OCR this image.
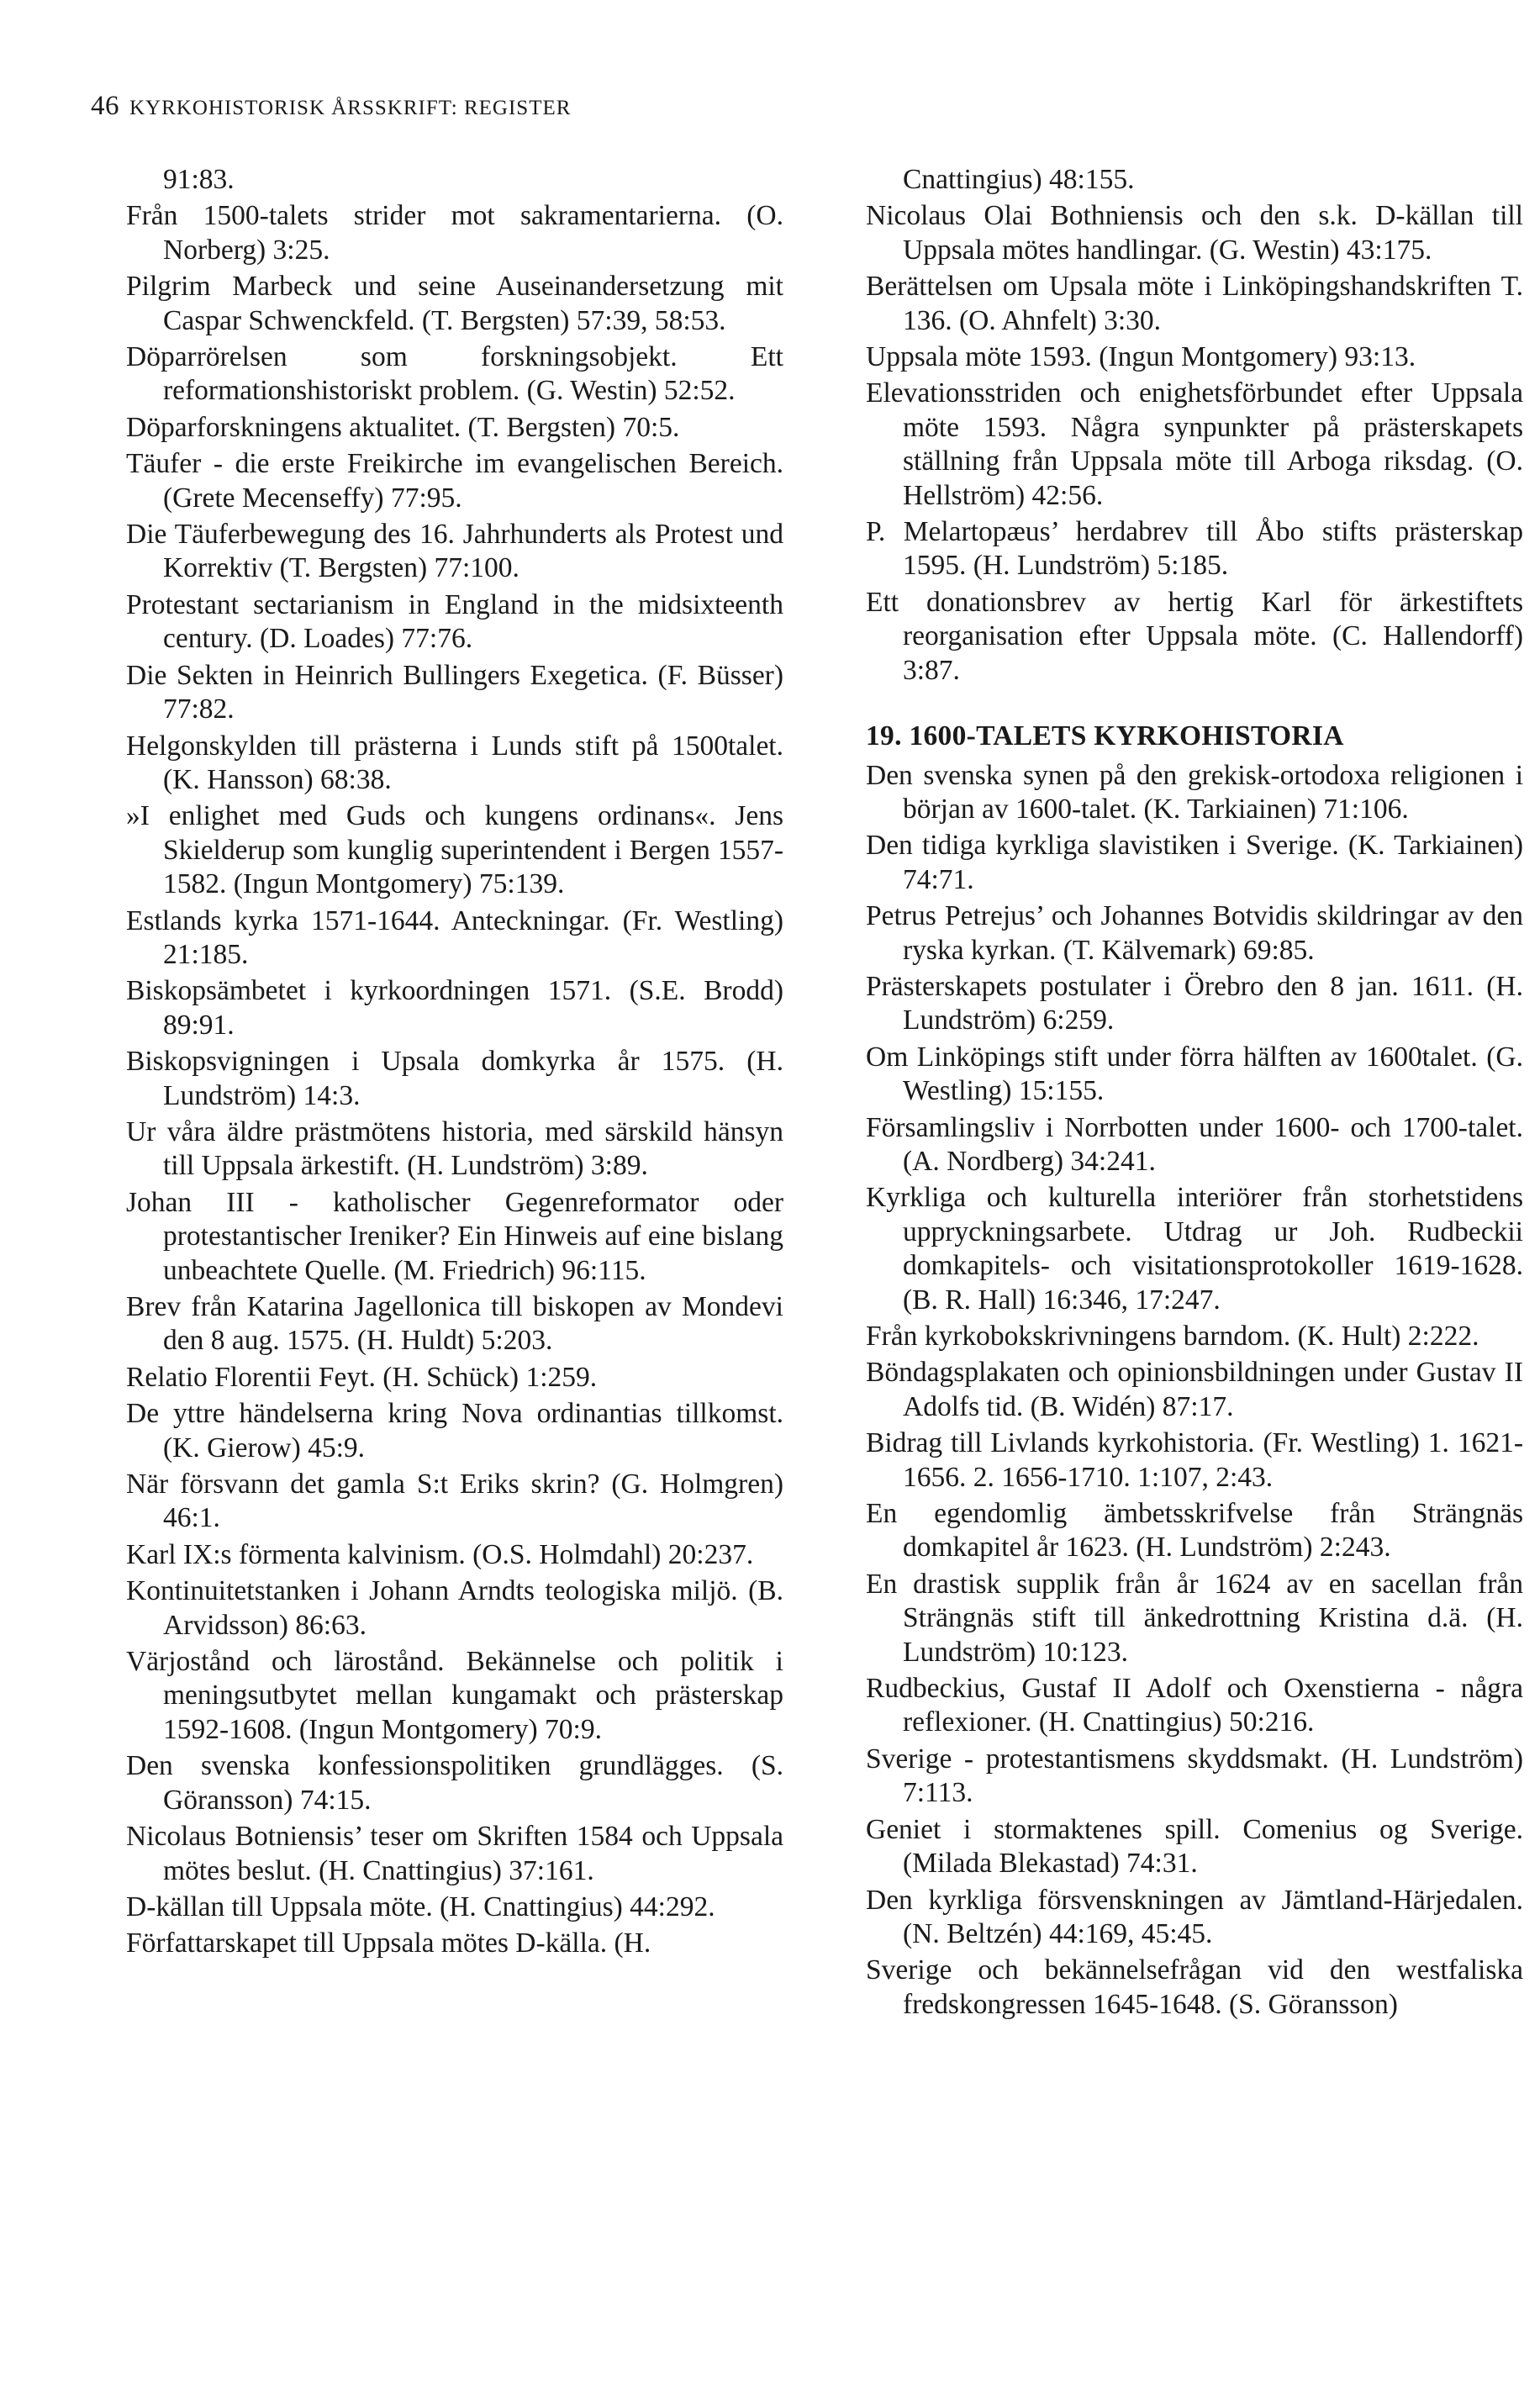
46 KYRKOHISTORISK ÅRSSKRIFT: REGISTER
91:83.
Från 1500-talets strider mot sakramentarierna. (O. Norberg) 3:25.
Pilgrim Marbeck und seine Auseinandersetzung mit Caspar Schwenckfeld. (T. Bergsten) 57:39, 58:53.
Döparrörelsen som forskningsobjekt. Ett reformationshistoriskt problem. (G. Westin) 52:52.
Döparforskningens aktualitet. (T. Bergsten) 70:5.
Täufer - die erste Freikirche im evangelischen Bereich. (Grete Mecenseffy) 77:95.
Die Täuferbewegung des 16. Jahrhunderts als Protest und Korrektiv (T. Bergsten) 77:100.
Protestant sectarianism in England in the midsixteenth century. (D. Loades) 77:76.
Die Sekten in Heinrich Bullingers Exegetica. (F. Büsser) 77:82.
Helgonskylden till prästerna i Lunds stift på 1500talet. (K. Hansson) 68:38.
»I enlighet med Guds och kungens ordinans«. Jens Skielderup som kunglig superintendent i Bergen 1557-1582. (Ingun Montgomery) 75:139.
Estlands kyrka 1571-1644. Anteckningar. (Fr. Westling) 21:185.
Biskopsämbetet i kyrkoordningen 1571. (S.E. Brodd) 89:91.
Biskopsvigningen i Upsala domkyrka år 1575. (H. Lundström) 14:3.
Ur våra äldre prästmötens historia, med särskild hänsyn till Uppsala ärkestift. (H. Lundström) 3:89.
Johan III - katholischer Gegenreformator oder protestantischer Ireniker? Ein Hinweis auf eine bislang unbeachtete Quelle. (M. Friedrich) 96:115.
Brev från Katarina Jagellonica till biskopen av Mondevi den 8 aug. 1575. (H. Huldt) 5:203.
Relatio Florentii Feyt. (H. Schück) 1:259.
De yttre händelserna kring Nova ordinantias tillkomst. (K. Gierow) 45:9.
När försvann det gamla S:t Eriks skrin? (G. Holmgren) 46:1.
Karl IX:s förmenta kalvinism. (O.S. Holmdahl) 20:237.
Kontinuitetstanken i Johann Arndts teologiska miljö. (B. Arvidsson) 86:63.
Värjostånd och lärostånd. Bekännelse och politik i meningsutbytet mellan kungamakt och prästerskap 1592-1608. (Ingun Montgomery) 70:9.
Den svenska konfessionspolitiken grundlägges. (S. Göransson) 74:15.
Nicolaus Botniensis’ teser om Skriften 1584 och Uppsala mötes beslut. (H. Cnattingius) 37:161.
D-källan till Uppsala möte. (H. Cnattingius) 44:292.
Författarskapet till Uppsala mötes D-källa. (H.
Cnattingius) 48:155.
Nicolaus Olai Bothniensis och den s.k. D-källan till Uppsala mötes handlingar. (G. Westin) 43:175.
Berättelsen om Upsala möte i Linköpingshandskriften T. 136. (O. Ahnfelt) 3:30.
Uppsala möte 1593. (Ingun Montgomery) 93:13.
Elevationsstriden och enighetsförbundet efter Uppsala möte 1593. Några synpunkter på prästerskapets ställning från Uppsala möte till Arboga riksdag. (O. Hellström) 42:56.
P. Melartopæus’ herdabrev till Åbo stifts prästerskap 1595. (H. Lundström) 5:185.
Ett donationsbrev av hertig Karl för ärkestiftets reorganisation efter Uppsala möte. (C. Hallendorff) 3:87.
19. 1600-TALETS KYRKOHISTORIA
Den svenska synen på den grekisk-ortodoxa religionen i början av 1600-talet. (K. Tarkiainen) 71:106.
Den tidiga kyrkliga slavistiken i Sverige. (K. Tarkiainen) 74:71.
Petrus Petrejus’ och Johannes Botvidis skildringar av den ryska kyrkan. (T. Kälvemark) 69:85.
Prästerskapets postulater i Örebro den 8 jan. 1611. (H. Lundström) 6:259.
Om Linköpings stift under förra hälften av 1600talet. (G. Westling) 15:155.
Församlingsliv i Norrbotten under 1600- och 1700-talet. (A. Nordberg) 34:241.
Kyrkliga och kulturella interiörer från storhetstidens uppryckningsarbete. Utdrag ur Joh. Rudbeckii domkapitels- och visitationsprotokoller 1619-1628. (B. R. Hall) 16:346, 17:247.
Från kyrkobokskrivningens barndom. (K. Hult) 2:222.
Böndagsplakaten och opinionsbildningen under Gustav II Adolfs tid. (B. Widén) 87:17.
Bidrag till Livlands kyrkohistoria. (Fr. Westling) 1. 1621-1656. 2. 1656-1710. 1:107, 2:43.
En egendomlig ämbetsskrifvelse från Strängnäs domkapitel år 1623. (H. Lundström) 2:243.
En drastisk supplik från år 1624 av en sacellan från Strängnäs stift till änkedrottning Kristina d.ä. (H. Lundström) 10:123.
Rudbeckius, Gustaf II Adolf och Oxenstierna - några reflexioner. (H. Cnattingius) 50:216.
Sverige - protestantismens skyddsmakt. (H. Lundström) 7:113.
Geniet i stormaktenes spill. Comenius og Sverige. (Milada Blekastad) 74:31.
Den kyrkliga försvenskningen av Jämtland-Härjedalen. (N. Beltzén) 44:169, 45:45.
Sverige och bekännelsefrågan vid den westfaliska fredskongressen 1645-1648. (S. Göransson)
